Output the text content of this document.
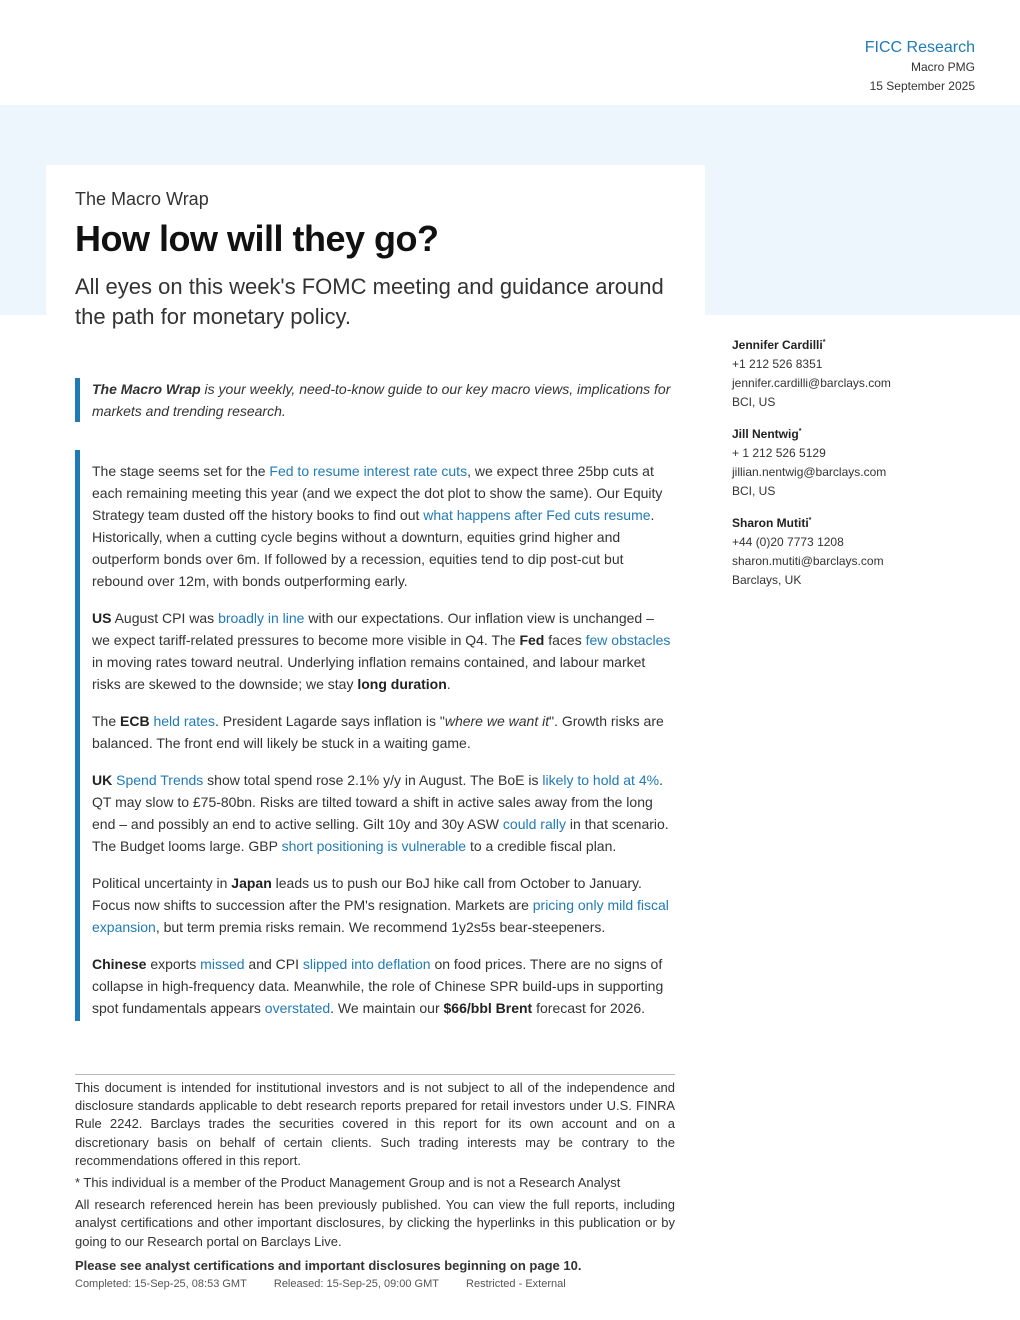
FICC Research
Macro PMG
15 September 2025
The Macro Wrap
How low will they go?
All eyes on this week's FOMC meeting and guidance around the path for monetary policy.
Jennifer Cardilli*
+1 212 526 8351
jennifer.cardilli@barclays.com
BCI, US
Jill Nentwig*
+ 1 212 526 5129
jillian.nentwig@barclays.com
BCI, US
Sharon Mutiti*
+44 (0)20 7773 1208
sharon.mutiti@barclays.com
Barclays, UK
The Macro Wrap is your weekly, need-to-know guide to our key macro views, implications for markets and trending research.

The stage seems set for the Fed to resume interest rate cuts, we expect three 25bp cuts at each remaining meeting this year (and we expect the dot plot to show the same). Our Equity Strategy team dusted off the history books to find out what happens after Fed cuts resume. Historically, when a cutting cycle begins without a downturn, equities grind higher and outperform bonds over 6m. If followed by a recession, equities tend to dip post-cut but rebound over 12m, with bonds outperforming early.

US August CPI was broadly in line with our expectations. Our inflation view is unchanged – we expect tariff-related pressures to become more visible in Q4. The Fed faces few obstacles in moving rates toward neutral. Underlying inflation remains contained, and labour market risks are skewed to the downside; we stay long duration.

The ECB held rates. President Lagarde says inflation is "where we want it". Growth risks are balanced. The front end will likely be stuck in a waiting game.

UK Spend Trends show total spend rose 2.1% y/y in August. The BoE is likely to hold at 4%. QT may slow to £75-80bn. Risks are tilted toward a shift in active sales away from the long end – and possibly an end to active selling. Gilt 10y and 30y ASW could rally in that scenario. The Budget looms large. GBP short positioning is vulnerable to a credible fiscal plan.

Political uncertainty in Japan leads us to push our BoJ hike call from October to January. Focus now shifts to succession after the PM's resignation. Markets are pricing only mild fiscal expansion, but term premia risks remain. We recommend 1y2s5s bear-steepeners.

Chinese exports missed and CPI slipped into deflation on food prices. There are no signs of collapse in high-frequency data. Meanwhile, the role of Chinese SPR build-ups in supporting spot fundamentals appears overstated. We maintain our $66/bbl Brent forecast for 2026.

This document is intended for institutional investors and is not subject to all of the independence and disclosure standards applicable to debt research reports prepared for retail investors under U.S. FINRA Rule 2242. Barclays trades the securities covered in this report for its own account and on a discretionary basis on behalf of certain clients. Such trading interests may be contrary to the recommendations offered in this report.

* This individual is a member of the Product Management Group and is not a Research Analyst

All research referenced herein has been previously published. You can view the full reports, including analyst certifications and other important disclosures, by clicking the hyperlinks in this publication or by going to our Research portal on Barclays Live.

Please see analyst certifications and important disclosures beginning on page 10.
Completed: 15-Sep-25, 08:53 GMT Released: 15-Sep-25, 09:00 GMT Restricted - External
